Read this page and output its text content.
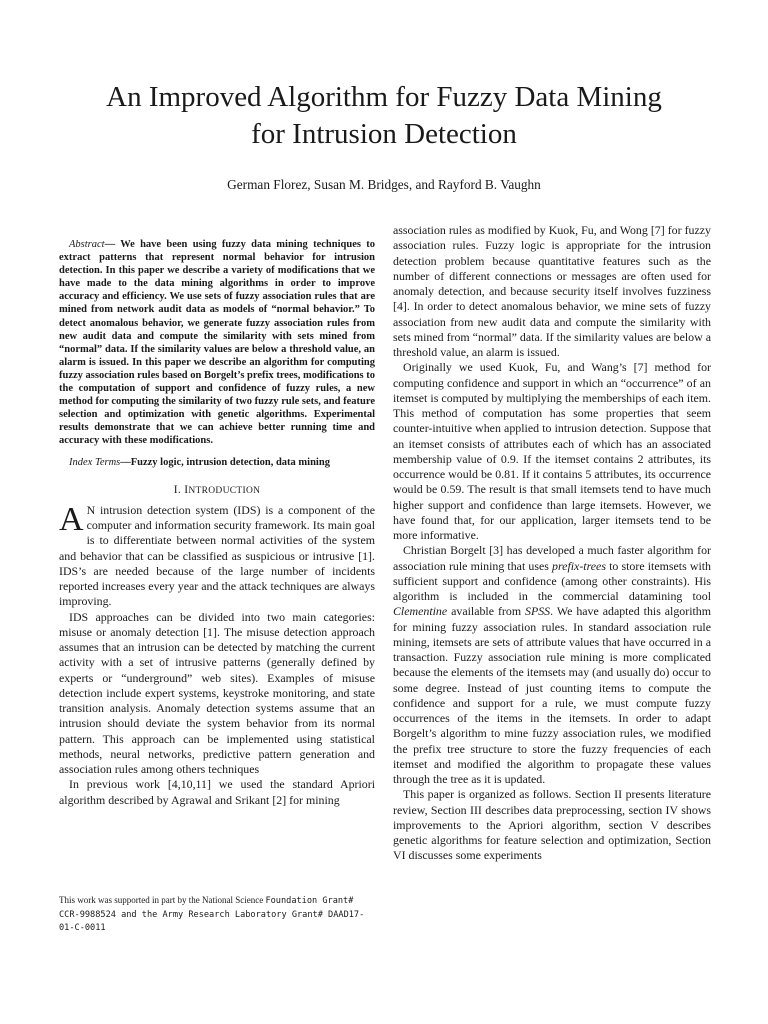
An Improved Algorithm for Fuzzy Data Mining
for Intrusion Detection
German Florez, Susan M. Bridges, and Rayford B. Vaughn

Abstract— We have been using fuzzy data mining techniques to extract patterns that represent normal behavior for intrusion detection. In this paper we describe a variety of modifications that we have made to the data mining algorithms in order to improve accuracy and efficiency. We use sets of fuzzy association rules that are mined from network audit data as models of “normal behavior.” To detect anomalous behavior, we generate fuzzy association rules from new audit data and compute the similarity with sets mined from “normal” data. If the similarity values are below a threshold value, an alarm is issued. In this paper we describe an algorithm for computing fuzzy association rules based on Borgelt’s prefix trees, modifications to the computation of support and confidence of fuzzy rules, a new method for computing the similarity of two fuzzy rule sets, and feature selection and optimization with genetic algorithms. Experimental results demonstrate that we can achieve better running time and accuracy with these modifications.

Index Terms—Fuzzy logic, intrusion detection, data mining

I. INTRODUCTION

A N intrusion detection system (IDS) is a component of the computer and information security framework. Its main goal is to differentiate between normal activities of the system and behavior that can be classified as suspicious or intrusive [1]. IDS’s are needed because of the large number of incidents reported increases every year and the attack techniques are always improving.

IDS approaches can be divided into two main categories: misuse or anomaly detection [1]. The misuse detection approach assumes that an intrusion can be detected by matching the current activity with a set of intrusive patterns (generally defined by experts or “underground” web sites). Examples of misuse detection include expert systems, keystroke monitoring, and state transition analysis. Anomaly detection systems assume that an intrusion should deviate the system behavior from its normal pattern. This approach can be implemented using statistical methods, neural networks, predictive pattern generation and association rules among others techniques

In previous work [4,10,11] we used the standard Apriori algorithm described by Agrawal and Srikant [2] for mining

This work was supported in part by the National Science Foundation Grant# CCR-9988524 and the Army Research Laboratory Grant# DAAD17-01-C-0011

association rules as modified by Kuok, Fu, and Wong [7] for fuzzy association rules. Fuzzy logic is appropriate for the intrusion detection problem because quantitative features such as the number of different connections or messages are often used for anomaly detection, and because security itself involves fuzziness [4]. In order to detect anomalous behavior, we mine sets of fuzzy association from new audit data and compute the similarity with sets mined from “normal” data. If the similarity values are below a threshold value, an alarm is issued.

Originally we used Kuok, Fu, and Wang’s [7] method for computing confidence and support in which an “occurrence” of an itemset is computed by multiplying the memberships of each item. This method of computation has some properties that seem counter-intuitive when applied to intrusion detection. Suppose that an itemset consists of attributes each of which has an associated membership value of 0.9. If the itemset contains 2 attributes, its occurrence would be 0.81. If it contains 5 attributes, its occurrence would be 0.59. The result is that small itemsets tend to have much higher support and confidence than large itemsets. However, we have found that, for our application, larger itemsets tend to be more informative.

Christian Borgelt [3] has developed a much faster algorithm for association rule mining that uses prefix-trees to store itemsets with sufficient support and confidence (among other constraints). His algorithm is included in the commercial datamining tool Clementine available from SPSS. We have adapted this algorithm for mining fuzzy association rules. In standard association rule mining, itemsets are sets of attribute values that have occurred in a transaction. Fuzzy association rule mining is more complicated because the elements of the itemsets may (and usually do) occur to some degree. Instead of just counting items to compute the confidence and support for a rule, we must compute fuzzy occurrences of the items in the itemsets. In order to adapt Borgelt’s algorithm to mine fuzzy association rules, we modified the prefix tree structure to store the fuzzy frequencies of each itemset and modified the algorithm to propagate these values through the tree as it is updated.

This paper is organized as follows. Section II presents literature review, Section III describes data preprocessing, section IV shows improvements to the Apriori algorithm, section V describes genetic algorithms for feature selection and optimization, Section VI discusses some experiments
